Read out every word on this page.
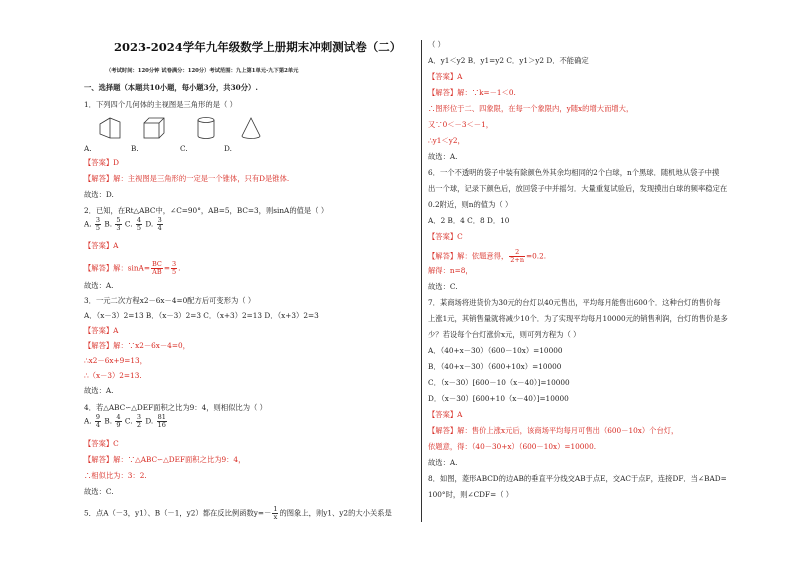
2023-2024学年九年级数学上册期末冲刺测试卷（二）
（考试时间：120分钟 试卷满分：120分）考试范围：九上第1单元-九下第2单元
一、选择题（本题共10小题，每小题3分，共30分）.
1．下列四个几何体的主视图是三角形的是（ ）
A.	B.	C.	D.
【答案】D
【解答】解：主视图是三角形的一定是一个锥体，只有D是锥体.
故选：D.
2．已知，在Rt△ABC中，∠C=90°，AB=5，BC=3，则sinA的值是（ ）
A. $\frac{3}{5} B$. $\frac{5}{3} C$. $\frac{4}{5} D$. $\frac{3}{4}$
【答案】A
【解答】解：$\sin A= \frac{BC}{AB} = \frac{3}{5}$ .
故选：A.
3．一元二次方程x2－6x－4=0配方后可变形为（ ）
A．（x－3）2=13 B．（x－3）2=3 C．（x+3）2=13 D．（x+3）2=3
【答案】A
【解答】解：∵x2－6x－4=0，
∴x2－6x+9=13，
∴（x－3）2=13.
故选：A.
4．若△ABC∽△DEF面积之比为9：4，则相似比为（ ）
A. $\frac{9}{4} B$. $\frac{4}{9} C$. $\frac{3}{2} D$. $\frac{81}{16}$
【答案】C
【解答】解：∵△ABC∽△DEF面积之比为9：4，
∴相似比为：3：2.
故选：C.
5．点A（－3，y1）、B（－1，y2）都在反比例函数$y=- \frac{1}{x}$ 的图象上，则y1、y2的大小关系是
（ ）
A．y1＜y2 B．y1=y2 C．y1＞y2 D．不能确定
【答案】A
【解答】解：∵k=－1＜0.
∴图形位于二、四象限，在每一个象限内，y随x的增大而增大，
又∵0＜－3＜－1，
∴y1＜y2，
故选：A.
6．一个不透明的袋子中装有除颜色外其余均相同的2个白球，n个黑球．随机地从袋子中摸
出一个球，记录下颜色后，放回袋子中并摇匀．大量重复试验后，发现摸出白球的频率稳定在
0.2附近，则n的值为（ ）
A．2 B．4 C．8 D．10
【答案】C
【解答】解：依题意得， $\frac{2}{2+n} =0.2$.
解得：n=8，
故选：C.
7．某商场将进货价为30元的台灯以40元售出，平均每月能售出600个．这种台灯的售价每
上涨1元，其销售量就将减少10个．为了实现平均每月10000元的销售利润，台灯的售价是多
少？若设每个台灯涨价x元，则可列方程为（ ）
A．（40+x－30）（600－10x）=10000
B．（40+x－30）（600+10x）=10000
C．（x－30）[600－10（x－40）]=10000
D．（x－30）[600+10（x－40）]=10000
【答案】A
【解答】解：售价上涨x元后，该商场平均每月可售出（600－10x）个台灯，
依题意，得：（40－30+x）（600－10x）=10000.
故选：A.
8．如图，菱形ABCD的边AB的垂直平分线交AB于点E，交AC于点F，连接DF．当∠BAD=
100°时，则∠CDF=（ ）
